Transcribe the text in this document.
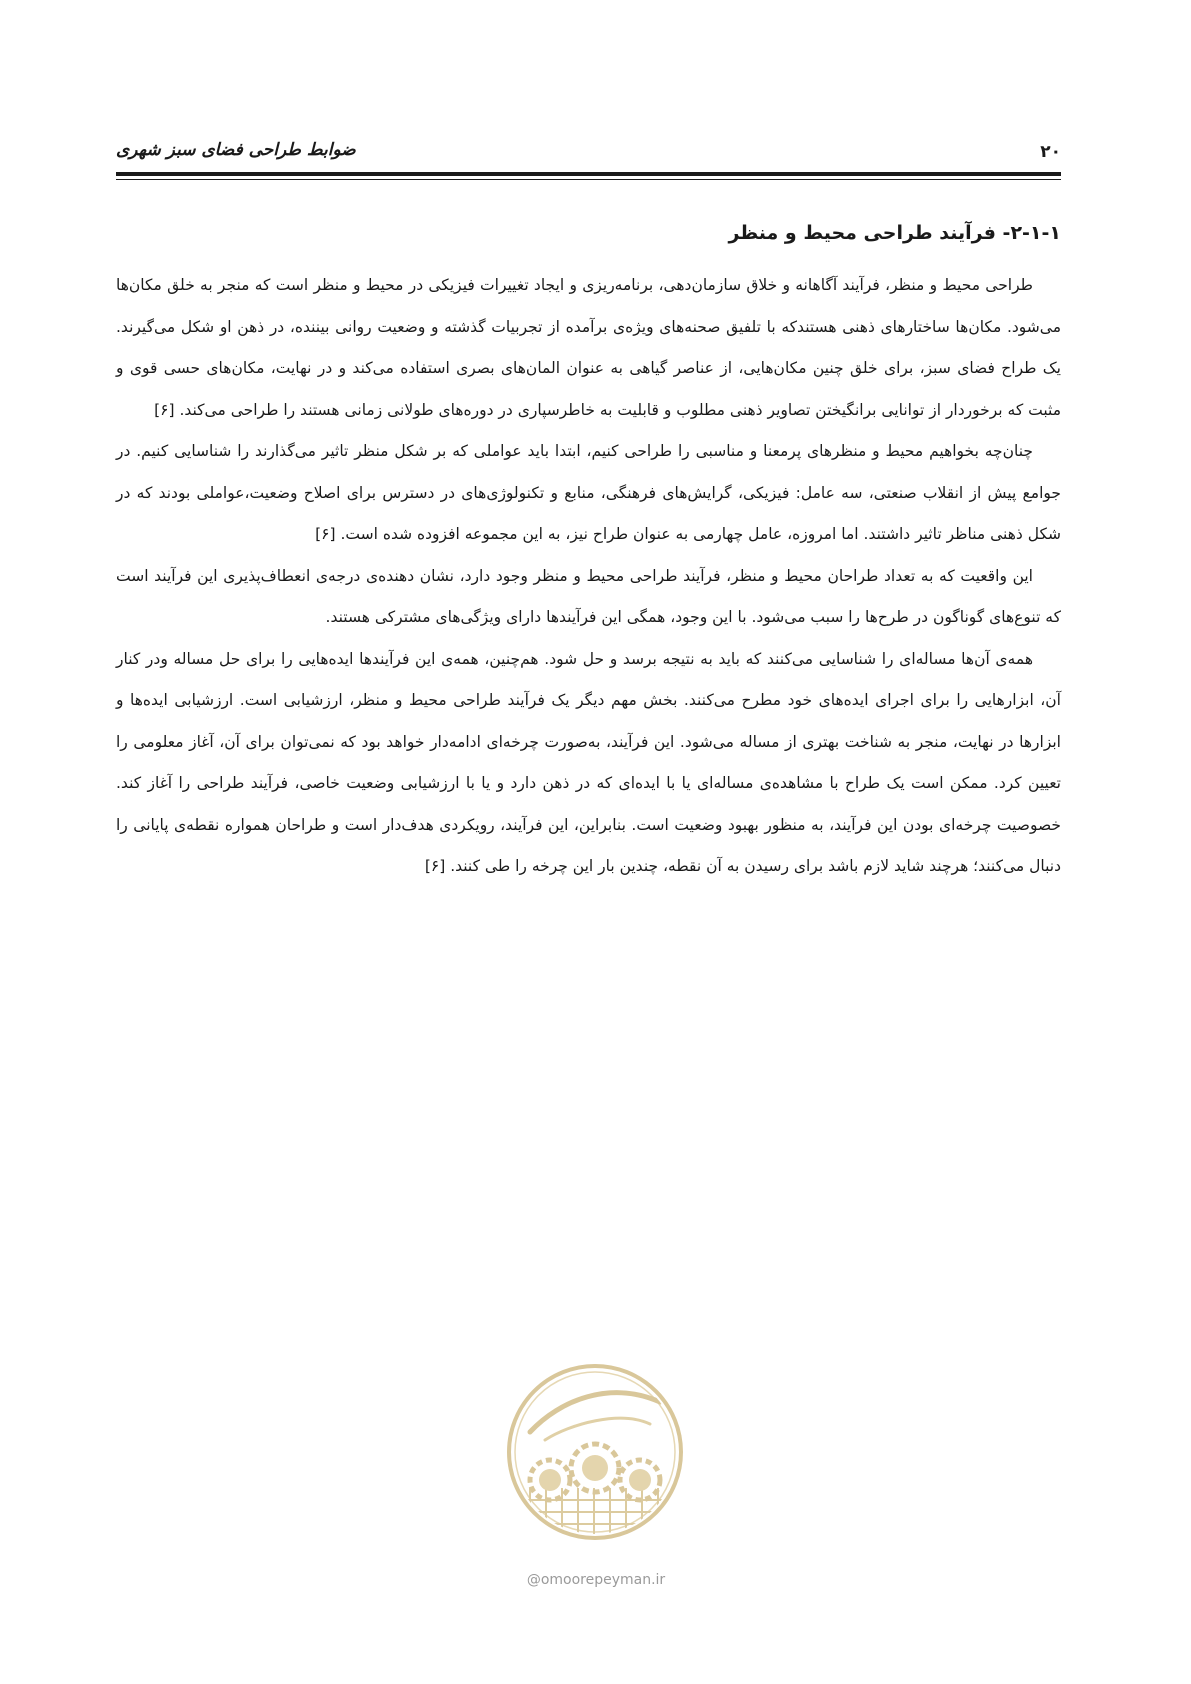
۲۰
ضوابط طراحی فضای سبز شهری
۲-۱-۱- فرآیند طراحی محیط و منظر

طراحی محیط و منظر، فرآیند آگاهانه و خلاق سازمان‌دهی، برنامه‌ریزی و ایجاد تغییرات فیزیکی در محیط و منظر است که منجر به خلق مکان‌ها می‌شود. مکان‌ها ساختارهای ذهنی هستندکه با تلفیق صحنه‌های ویژه‌ی برآمده از تجربیات گذشته و وضعیت روانی بیننده، در ذهن او شکل می‌گیرند. یک طراح فضای سبز، برای خلق چنین مکان‌هایی، از عناصر گیاهی به عنوان المان‌های بصری استفاده می‌کند و در نهایت، مکان‌های حسی قوی و مثبت که برخوردار از توانایی برانگیختن تصاویر ذهنی مطلوب و قابلیت به خاطرسپاری در دوره‌های طولانی زمانی هستند را طراحی می‌کند. [۶]

چنان‌چه بخواهیم محیط و منظرهای پرمعنا و مناسبی را طراحی کنیم، ابتدا باید عواملی که بر شکل منظر تاثیر می‌گذارند را شناسایی کنیم. در جوامع پیش از انقلاب صنعتی، سه عامل: فیزیکی، گرایش‌های فرهنگی، منابع و تکنولوژی‌های در دسترس برای اصلاح وضعیت،عواملی بودند که در شکل ذهنی مناظر تاثیر داشتند. اما امروزه، عامل چهارمی به عنوان طراح نیز، به این مجموعه افزوده شده است. [۶]

این واقعیت که به تعداد طراحان محیط و منظر، فرآیند طراحی محیط و منظر وجود دارد، نشان دهنده‌ی درجه‌ی انعطاف‌پذیری این فرآیند است که تنوع‌های گوناگون در طرح‌ها را سبب می‌شود. با این وجود، همگی این فرآیندها دارای ویژگی‌های مشترکی هستند.

همه‌ی آن‌ها مساله‌ای را شناسایی می‌کنند که باید به نتیجه برسد و حل شود. هم‌چنین، همه‌ی این فرآیندها ایده‌هایی را برای حل مساله ودر کنار آن، ابزارهایی را برای اجرای ایده‌های خود مطرح می‌کنند. بخش مهم دیگر یک فرآیند طراحی محیط و منظر، ارزشیابی است. ارزشیابی ایده‌ها و ابزارها در نهایت، منجر به شناخت بهتری از مساله می‌شود. این فرآیند، به‌صورت چرخه‌ای ادامه‌دار خواهد بود که نمی‌توان برای آن، آغاز معلومی را تعیین کرد. ممکن است یک طراح با مشاهده‌ی مساله‌ای یا با ایده‌ای که در ذهن دارد و یا با ارزشیابی وضعیت خاصی، فرآیند طراحی را آغاز کند. خصوصیت چرخه‌ای بودن این فرآیند، به منظور بهبود وضعیت است. بنابراین، این فرآیند، رویکردی هدف‌دار است و طراحان همواره نقطه‌ی پایانی را دنبال می‌کنند؛ هرچند شاید لازم باشد برای رسیدن به آن نقطه، چندین بار این چرخه را طی کنند. [۶]

@omoorepeyman.ir
